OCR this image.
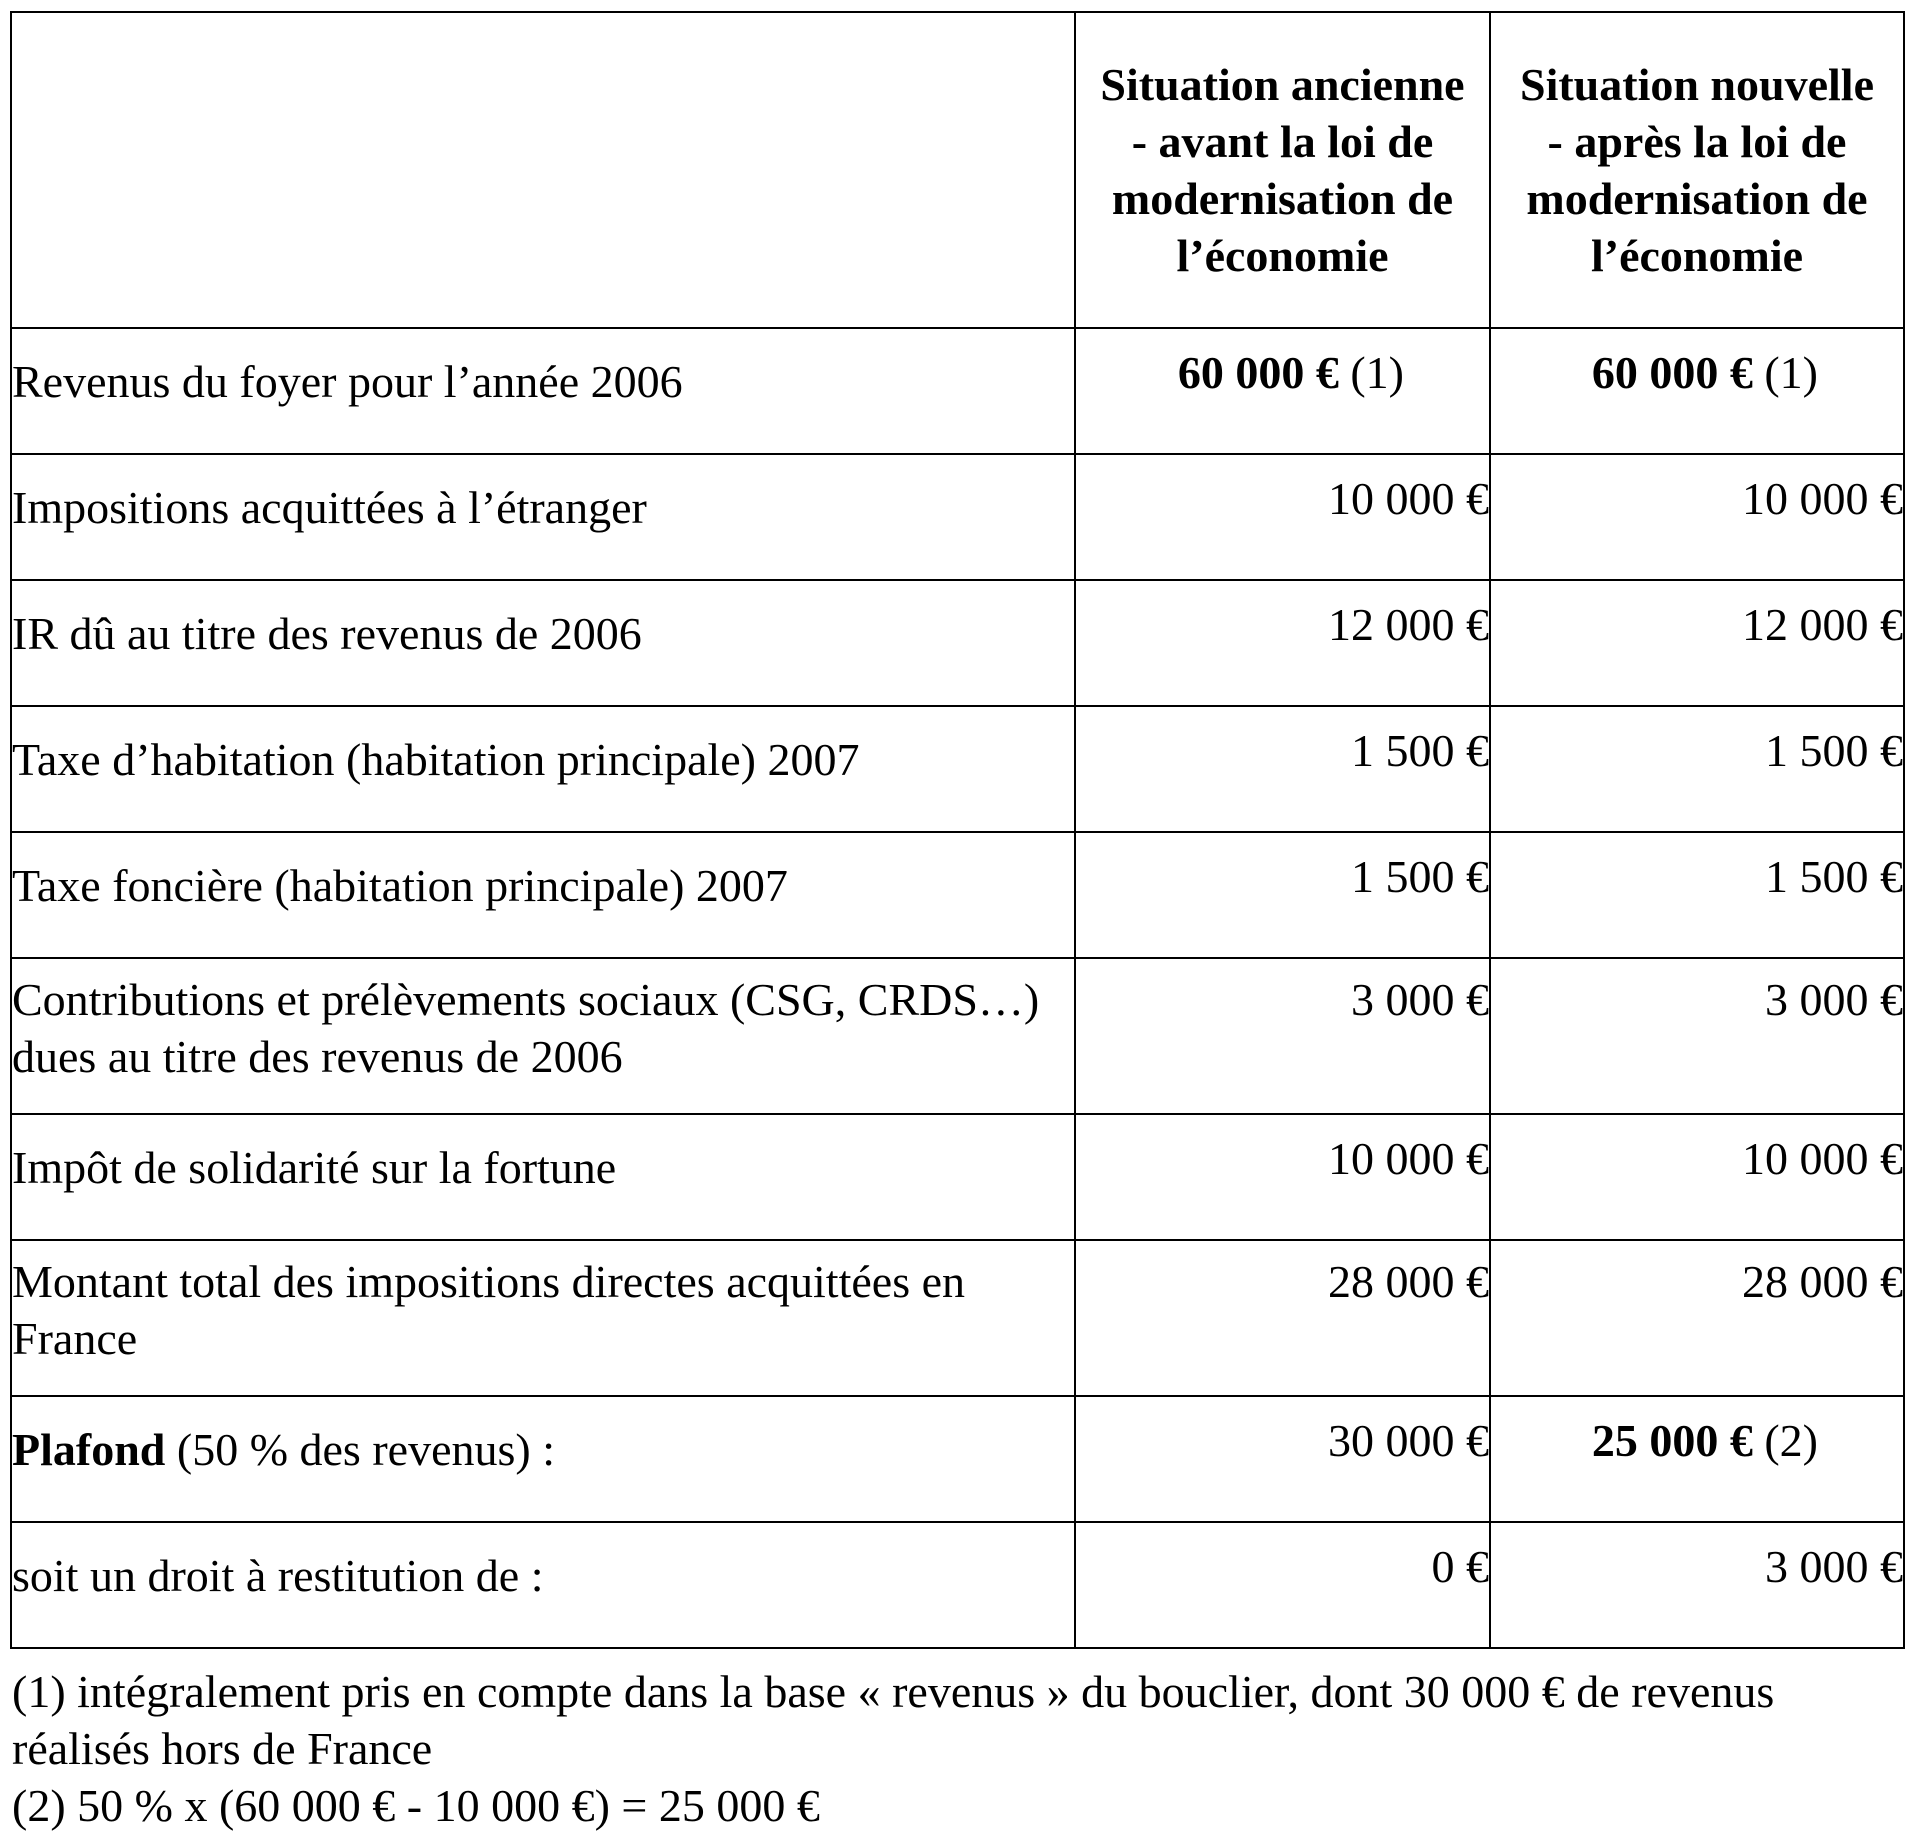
	Situation ancienne - avant la loi de modernisation de l’économie	Situation nouvelle - après la loi de modernisation de l’économie

Revenus du foyer pour l’année 2006	60 000 € (1)	60 000 € (1)
Impositions acquittées à l’étranger	10 000 €	10 000 €
IR dû au titre des revenus de 2006	12 000 €	12 000 €
Taxe d’habitation (habitation principale) 2007	1 500 €	1 500 €
Taxe foncière (habitation principale) 2007	1 500 €	1 500 €
Contributions et prélèvements sociaux (CSG, CRDS…) dues au titre des revenus de 2006	3 000 €	3 000 €
Impôt de solidarité sur la fortune	10 000 €	10 000 €
Montant total des impositions directes acquittées en France	28 000 €	28 000 €
Plafond (50 % des revenus) :	30 000 €	25 000 € (2)
soit un droit à restitution de :	0 €	3 000 €

(1) intégralement pris en compte dans la base « revenus » du bouclier, dont 30 000 € de revenus réalisés hors de France

(2) 50 % x (60 000 € - 10 000 €) = 25 000 €
